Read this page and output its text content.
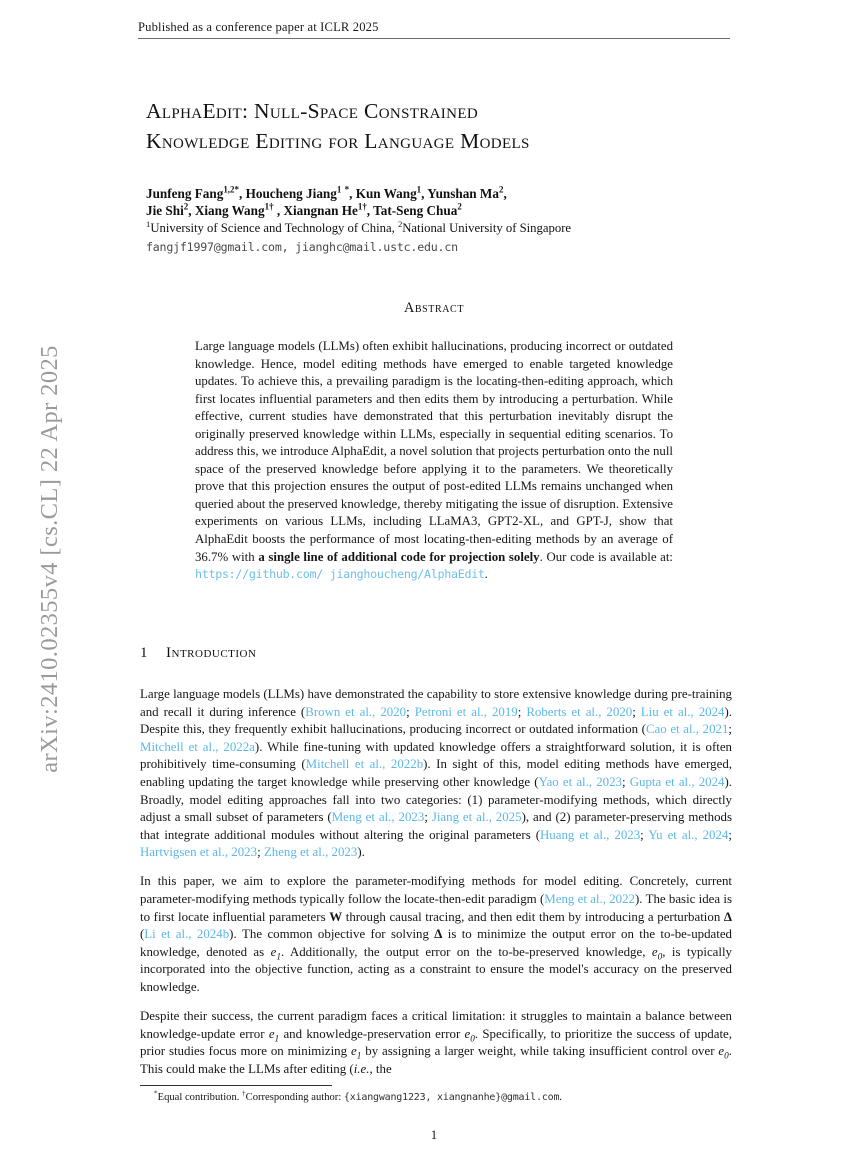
arXiv:2410.02355v4 [cs.CL] 22 Apr 2025
Published as a conference paper at ICLR 2025
AlphaEdit: Null-Space Constrained
Knowledge Editing for Language Models
Junfeng Fang$^{1,2*}$, Houcheng Jiang$^1$ *, Kun Wang$^1$, Yunshan Ma$^2$,
Jie Shi$^2$, Xiang Wang$^{1\dagger}$ , Xiangnan $He^{1\dagger}$, Tat-Seng Chua$^2$
$^1$University of Science and Technology of China, $^2$National University of Singapore
fangjf1997@gmail.com, jianghc@mail.ustc.edu.cn
Abstract
Large language models (LLMs) often exhibit hallucinations, producing incorrect or outdated knowledge. Hence, model editing methods have emerged to enable targeted knowledge updates. To achieve this, a prevailing paradigm is the locating-then-editing approach, which first locates influential parameters and then edits them by introducing a perturbation. While effective, current studies have demonstrated that this perturbation inevitably disrupt the originally preserved knowledge within LLMs, especially in sequential editing scenarios. To address this, we introduce AlphaEdit, a novel solution that projects perturbation onto the null space of the preserved knowledge before applying it to the parameters. We theoretically prove that this projection ensures the output of post-edited LLMs remains unchanged when queried about the preserved knowledge, thereby mitigating the issue of disruption. Extensive experiments on various LLMs, including LLaMA3, GPT2-XL, and GPT-J, show that AlphaEdit boosts the performance of most locating-then-editing methods by an average of 36.7% with a single line of additional code for projection solely. Our code is available at: https://github.com/ jianghoucheng/AlphaEdit.
1 Introduction

Large language models (LLMs) have demonstrated the capability to store extensive knowledge during pre-training and recall it during inference (Brown et al., 2020; Petroni et al., 2019; Roberts et al., 2020; Liu et al., 2024). Despite this, they frequently exhibit hallucinations, producing incorrect or outdated information (Cao et al., 2021; Mitchell et al., 2022a). While fine-tuning with updated knowledge offers a straightforward solution, it is often prohibitively time-consuming (Mitchell et al., 2022b). In sight of this, model editing methods have emerged, enabling updating the target knowledge while preserving other knowledge (Yao et al., 2023; Gupta et al., 2024). Broadly, model editing approaches fall into two categories: (1) parameter-modifying methods, which directly adjust a small subset of parameters (Meng et al., 2023; Jiang et al., 2025), and (2) parameter-preserving methods that integrate additional modules without altering the original parameters (Huang et al., 2023; Yu et al., 2024; Hartvigsen et al., 2023; Zheng et al., 2023).

In this paper, we aim to explore the parameter-modifying methods for model editing. Concretely, current parameter-modifying methods typically follow the locate-then-edit paradigm (Meng et al., 2022). The basic idea is to first locate influential parameters W through causal tracing, and then edit them by introducing a perturbation Δ (Li et al., 2024b). The common objective for solving Δ is to minimize the output error on the to-be-updated knowledge, denoted as $e_1$. Additionally, the output error on the to-be-preserved knowledge, $e_0$, is typically incorporated into the objective function, acting as a constraint to ensure the model's accuracy on the preserved knowledge.

Despite their success, the current paradigm faces a critical limitation: it struggles to maintain a balance between knowledge-update error $e_1$ and knowledge-preservation error $e_0$. Specifically, to prioritize the success of update, prior studies focus more on minimizing $e_1$ by assigning a larger weight, while taking insufficient control over $e_0$. This could make the LLMs after editing (i.e., the

*Equal contribution. †Corresponding author: {xiangwang1223, xiangnanhe}@gmail.com.
1
